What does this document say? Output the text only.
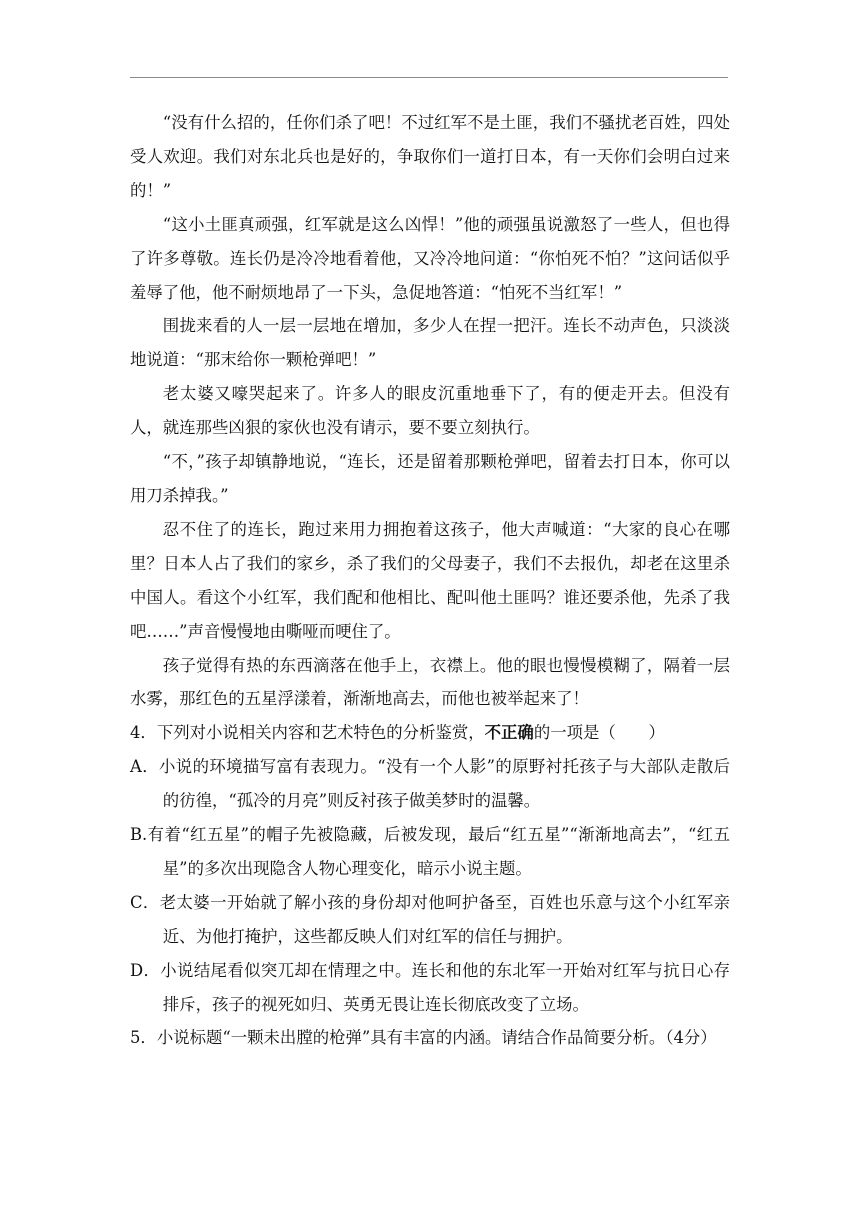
“没有什么招的，任你们杀了吧！不过红军不是土匪，我们不骚扰老百姓，四处受人欢迎。我们对东北兵也是好的，争取你们一道打日本，有一天你们会明白过来的！”

“这小土匪真顽强，红军就是这么凶悍！”他的顽强虽说激怒了一些人，但也得了许多尊敬。连长仍是冷冷地看着他，又冷冷地问道：“你怕死不怕？”这问话似乎羞辱了他，他不耐烦地昂了一下头，急促地答道：“怕死不当红军！”

围拢来看的人一层一层地在增加，多少人在捏一把汗。连长不动声色，只淡淡地说道：“那末给你一颗枪弹吧！”

老太婆又嚎哭起来了。许多人的眼皮沉重地垂下了，有的便走开去。但没有人，就连那些凶狠的家伙也没有请示，要不要立刻执行。

“不，”孩子却镇静地说，“连长，还是留着那颗枪弹吧，留着去打日本，你可以用刀杀掉我。”

忍不住了的连长，跑过来用力拥抱着这孩子，他大声喊道：“大家的良心在哪里？日本人占了我们的家乡，杀了我们的父母妻子，我们不去报仇，却老在这里杀中国人。看这个小红军，我们配和他相比、配叫他土匪吗？谁还要杀他，先杀了我吧……”声音慢慢地由嘶哑而哽住了。

孩子觉得有热的东西滴落在他手上，衣襟上。他的眼也慢慢模糊了，隔着一层水雾，那红色的五星浮漾着，渐渐地高去，而他也被举起来了！

4．下列对小说相关内容和艺术特色的分析鉴赏，不正确的一项是（　　）

A．小说的环境描写富有表现力。“没有一个人影”的原野衬托孩子与大部队走散后的彷徨，“孤冷的月亮”则反衬孩子做美梦时的温馨。

B.有着“红五星”的帽子先被隐藏，后被发现，最后“红五星”“渐渐地高去”，“红五星”的多次出现隐含人物心理变化，暗示小说主题。

C．老太婆一开始就了解小孩的身份却对他呵护备至，百姓也乐意与这个小红军亲近、为他打掩护，这些都反映人们对红军的信任与拥护。

D．小说结尾看似突兀却在情理之中。连长和他的东北军一开始对红军与抗日心存排斥，孩子的视死如归、英勇无畏让连长彻底改变了立场。

5．小说标题“一颗未出膛的枪弹”具有丰富的内涵。请结合作品简要分析。（4分）
